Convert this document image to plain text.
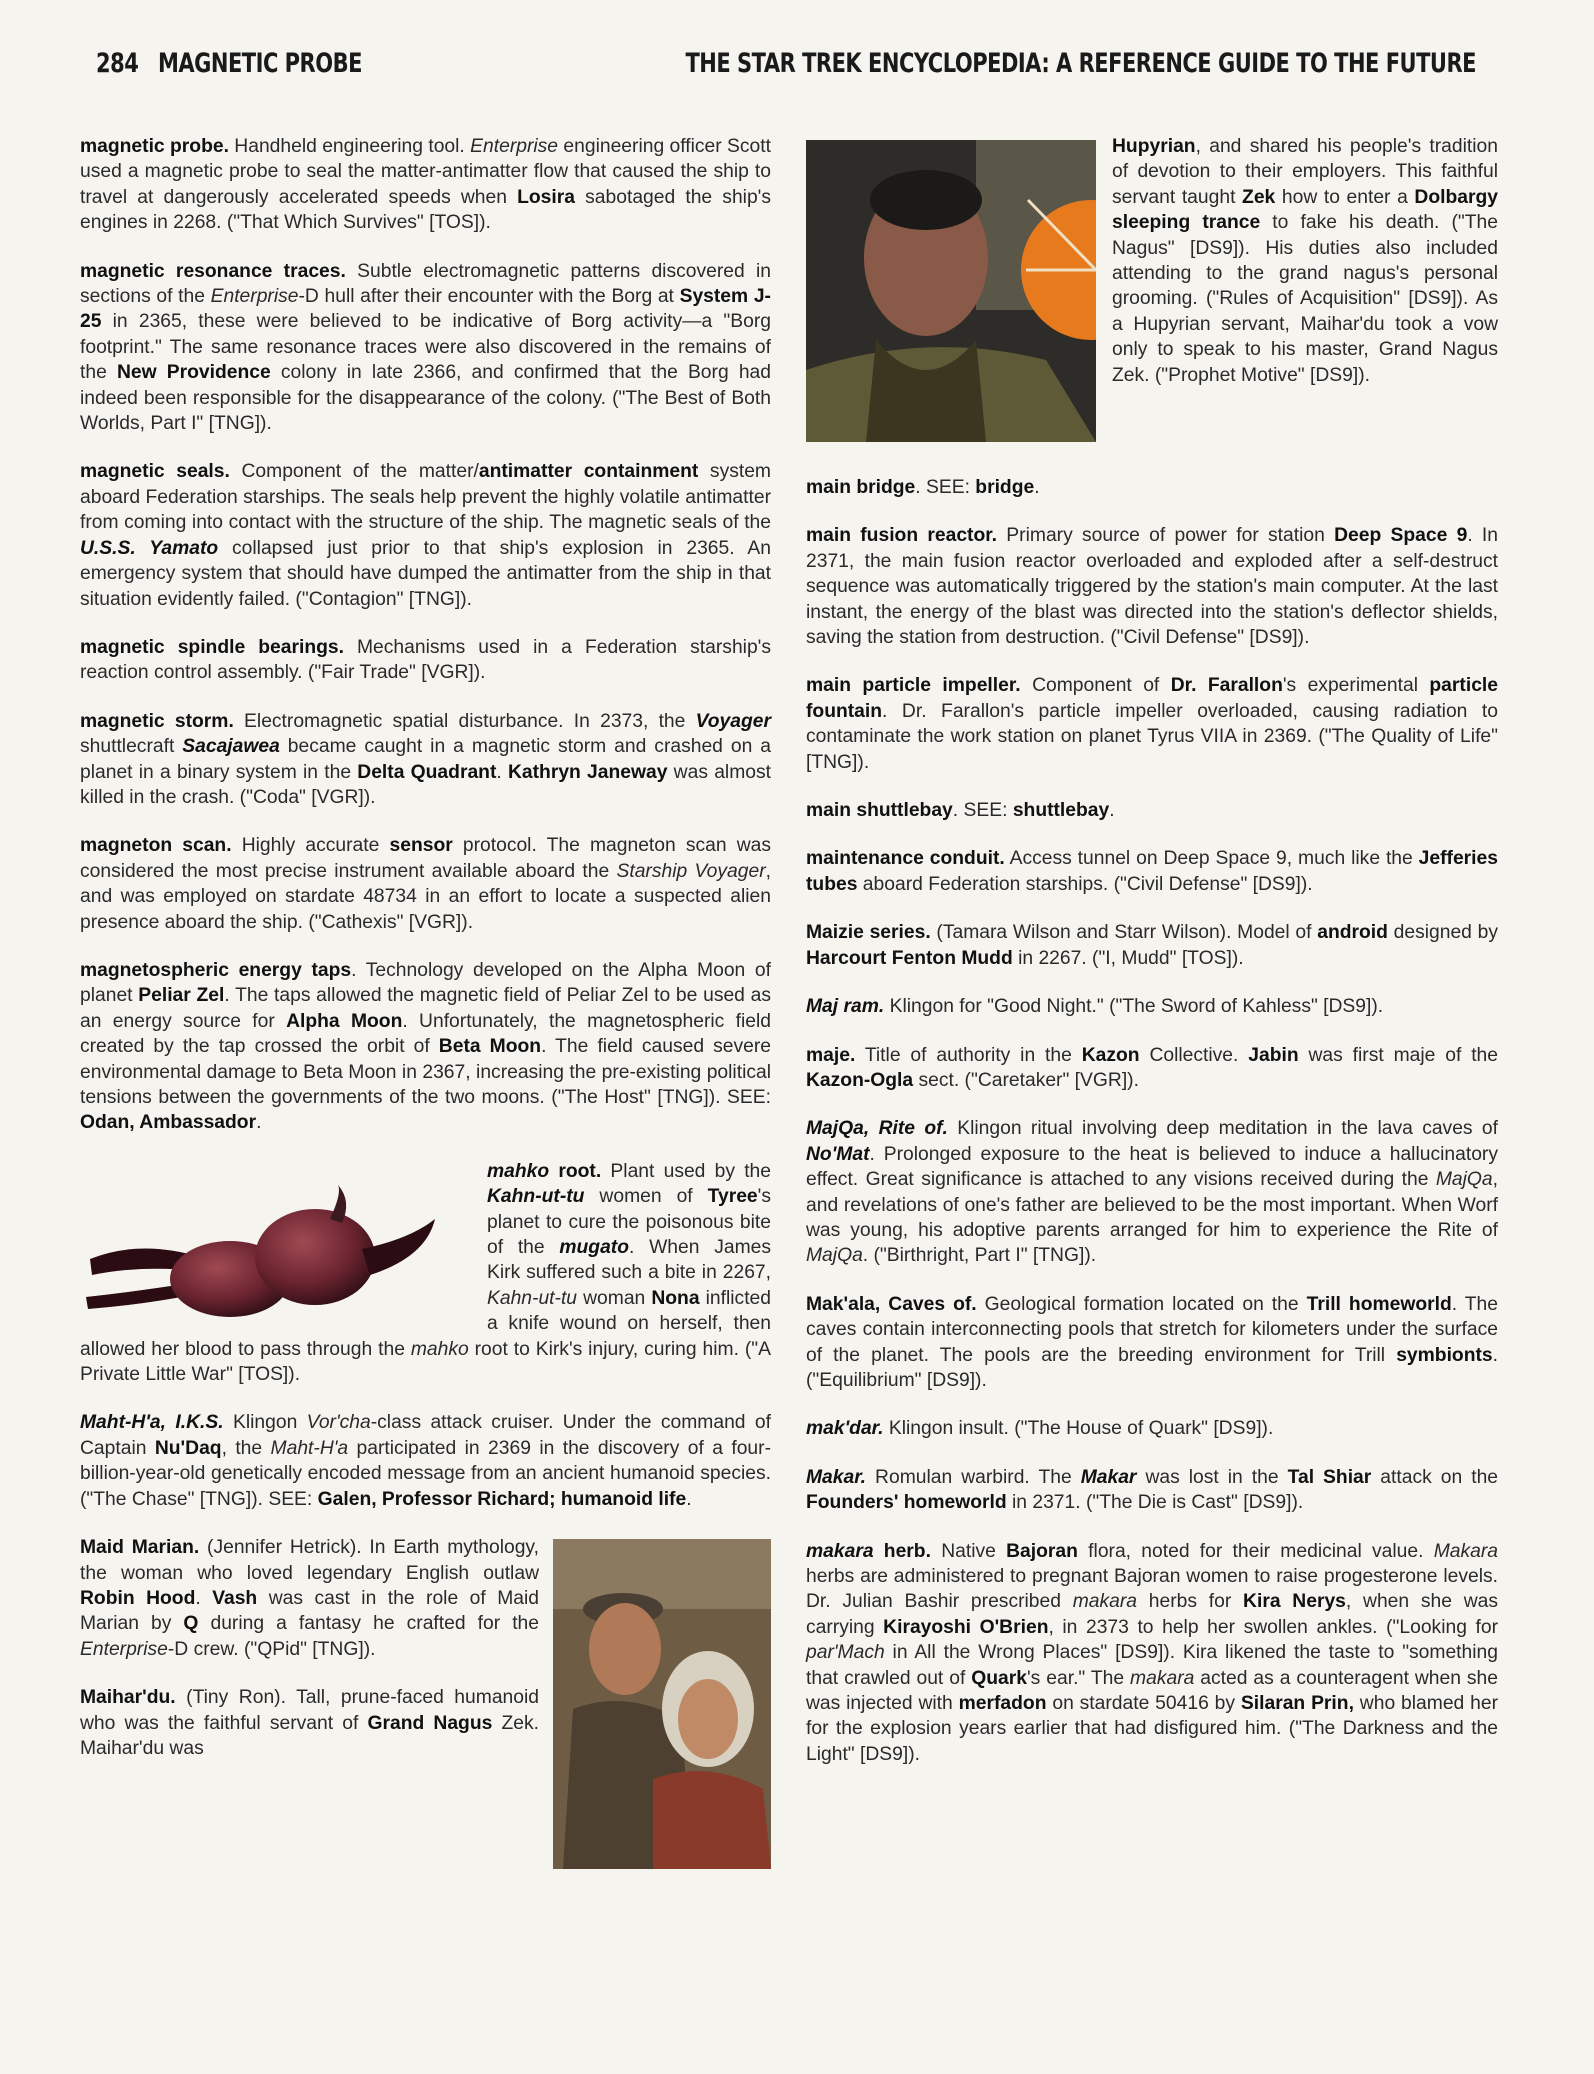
284 MAGNETIC PROBE	THE STAR TREK ENCYCLOPEDIA: A REFERENCE GUIDE TO THE FUTURE

magnetic probe. Handheld engineering tool. Enterprise engineering officer Scott used a magnetic probe to seal the matter-antimatter flow that caused the ship to travel at dangerously accelerated speeds when Losira sabotaged the ship's engines in 2268. ("That Which Survives" [TOS]).

magnetic resonance traces. Subtle electromagnetic patterns discovered in sections of the Enterprise-D hull after their encounter with the Borg at System J-25 in 2365, these were believed to be indicative of Borg activity—a "Borg footprint." The same resonance traces were also discovered in the remains of the New Providence colony in late 2366, and confirmed that the Borg had indeed been responsible for the disappearance of the colony. ("The Best of Both Worlds, Part I" [TNG]).

magnetic seals. Component of the matter/antimatter containment system aboard Federation starships. The seals help prevent the highly volatile antimatter from coming into contact with the structure of the ship. The magnetic seals of the U.S.S. Yamato collapsed just prior to that ship's explosion in 2365. An emergency system that should have dumped the antimatter from the ship in that situation evidently failed. ("Contagion" [TNG]).

magnetic spindle bearings. Mechanisms used in a Federation starship's reaction control assembly. ("Fair Trade" [VGR]).

magnetic storm. Electromagnetic spatial disturbance. In 2373, the Voyager shuttlecraft Sacajawea became caught in a magnetic storm and crashed on a planet in a binary system in the Delta Quadrant. Kathryn Janeway was almost killed in the crash. ("Coda" [VGR]).

magneton scan. Highly accurate sensor protocol. The magneton scan was considered the most precise instrument available aboard the Starship Voyager, and was employed on stardate 48734 in an effort to locate a suspected alien presence aboard the ship. ("Cathexis" [VGR]).

magnetospheric energy taps. Technology developed on the Alpha Moon of planet Peliar Zel. The taps allowed the magnetic field of Peliar Zel to be used as an energy source for Alpha Moon. Unfortunately, the magnetospheric field created by the tap crossed the orbit of Beta Moon. The field caused severe environmental damage to Beta Moon in 2367, increasing the pre-existing political tensions between the governments of the two moons. ("The Host" [TNG]). SEE: Odan, Ambassador.

mahko root. Plant used by the Kahn-ut-tu women of Tyree's planet to cure the poisonous bite of the mugato. When James Kirk suffered such a bite in 2267, Kahn-ut-tu woman Nona inflicted a knife wound on herself, then allowed her blood to pass through the mahko root to Kirk's injury, curing him. ("A Private Little War" [TOS]).

Maht-H'a, I.K.S. Klingon Vor'cha-class attack cruiser. Under the command of Captain Nu'Daq, the Maht-H'a participated in 2369 in the discovery of a four-billion-year-old genetically encoded message from an ancient humanoid species. ("The Chase" [TNG]). SEE: Galen, Professor Richard; humanoid life.

Maid Marian. (Jennifer Hetrick). In Earth mythology, the woman who loved legendary English outlaw Robin Hood. Vash was cast in the role of Maid Marian by Q during a fantasy he crafted for the Enterprise-D crew. ("QPid" [TNG]).

Maihar'du. (Tiny Ron). Tall, prune-faced humanoid who was the faithful servant of Grand Nagus Zek. Maihar'du was

Hupyrian, and shared his people's tradition of devotion to their employers. This faithful servant taught Zek how to enter a Dolbargy sleeping trance to fake his death. ("The Nagus" [DS9]). His duties also included attending to the grand nagus's personal grooming. ("Rules of Acquisition" [DS9]). As a Hupyrian servant, Maihar'du took a vow only to speak to his master, Grand Nagus Zek. ("Prophet Motive" [DS9]).

main bridge. SEE: bridge.

main fusion reactor. Primary source of power for station Deep Space 9. In 2371, the main fusion reactor overloaded and exploded after a self-destruct sequence was automatically triggered by the station's main computer. At the last instant, the energy of the blast was directed into the station's deflector shields, saving the station from destruction. ("Civil Defense" [DS9]).

main particle impeller. Component of Dr. Farallon's experimental particle fountain. Dr. Farallon's particle impeller overloaded, causing radiation to contaminate the work station on planet Tyrus VIIA in 2369. ("The Quality of Life" [TNG]).

main shuttlebay. SEE: shuttlebay.

maintenance conduit. Access tunnel on Deep Space 9, much like the Jefferies tubes aboard Federation starships. ("Civil Defense" [DS9]).

Maizie series. (Tamara Wilson and Starr Wilson). Model of android designed by Harcourt Fenton Mudd in 2267. ("I, Mudd" [TOS]).

Maj ram. Klingon for "Good Night." ("The Sword of Kahless" [DS9]).

maje. Title of authority in the Kazon Collective. Jabin was first maje of the Kazon-Ogla sect. ("Caretaker" [VGR]).

MajQa, Rite of. Klingon ritual involving deep meditation in the lava caves of No'Mat. Prolonged exposure to the heat is believed to induce a hallucinatory effect. Great significance is attached to any visions received during the MajQa, and revelations of one's father are believed to be the most important. When Worf was young, his adoptive parents arranged for him to experience the Rite of MajQa. ("Birthright, Part I" [TNG]).

Mak'ala, Caves of. Geological formation located on the Trill homeworld. The caves contain interconnecting pools that stretch for kilometers under the surface of the planet. The pools are the breeding environment for Trill symbionts. ("Equilibrium" [DS9]).

mak'dar. Klingon insult. ("The House of Quark" [DS9]).

Makar. Romulan warbird. The Makar was lost in the Tal Shiar attack on the Founders' homeworld in 2371. ("The Die is Cast" [DS9]).

makara herb. Native Bajoran flora, noted for their medicinal value. Makara herbs are administered to pregnant Bajoran women to raise progesterone levels. Dr. Julian Bashir prescribed makara herbs for Kira Nerys, when she was carrying Kirayoshi O'Brien, in 2373 to help her swollen ankles. ("Looking for par'Mach in All the Wrong Places" [DS9]). Kira likened the taste to "something that crawled out of Quark's ear." The makara acted as a counteragent when she was injected with merfadon on stardate 50416 by Silaran Prin, who blamed her for the explosion years earlier that had disfigured him. ("The Darkness and the Light" [DS9]).
